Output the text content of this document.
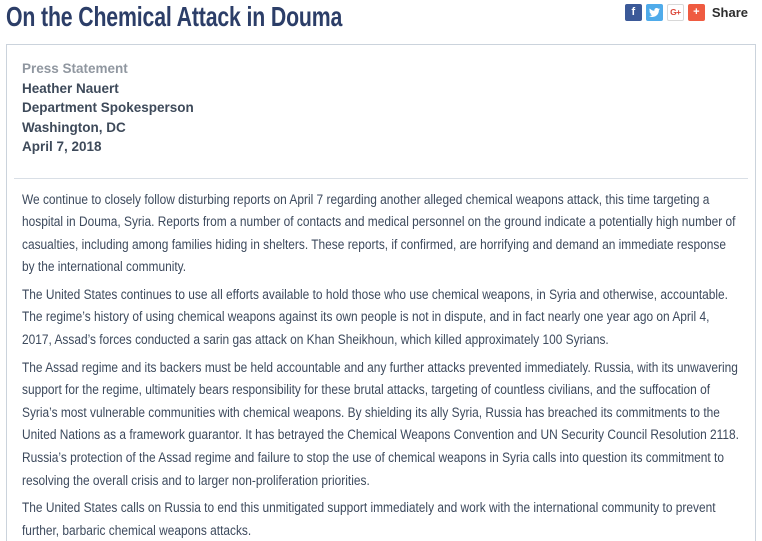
On the Chemical Attack in Douma	f	G+ + Share
Press Statement
Heather Nauert
Department Spokesperson
Washington, DC
April 7, 2018

We continue to closely follow disturbing reports on April 7 regarding another alleged chemical weapons attack, this time targeting a hospital in Douma, Syria. Reports from a number of contacts and medical personnel on the ground indicate a potentially high number of casualties, including among families hiding in shelters. These reports, if confirmed, are horrifying and demand an immediate response by the international community.

The United States continues to use all efforts available to hold those who use chemical weapons, in Syria and otherwise, accountable. The regime’s history of using chemical weapons against its own people is not in dispute, and in fact nearly one year ago on April 4, 2017, Assad’s forces conducted a sarin gas attack on Khan Sheikhoun, which killed approximately 100 Syrians.

The Assad regime and its backers must be held accountable and any further attacks prevented immediately. Russia, with its unwavering support for the regime, ultimately bears responsibility for these brutal attacks, targeting of countless civilians, and the suffocation of Syria’s most vulnerable communities with chemical weapons. By shielding its ally Syria, Russia has breached its commitments to the United Nations as a framework guarantor. It has betrayed the Chemical Weapons Convention and UN Security Council Resolution 2118. Russia’s protection of the Assad regime and failure to stop the use of chemical weapons in Syria calls into question its commitment to resolving the overall crisis and to larger non-proliferation priorities.

The United States calls on Russia to end this unmitigated support immediately and work with the international community to prevent further, barbaric chemical weapons attacks.
